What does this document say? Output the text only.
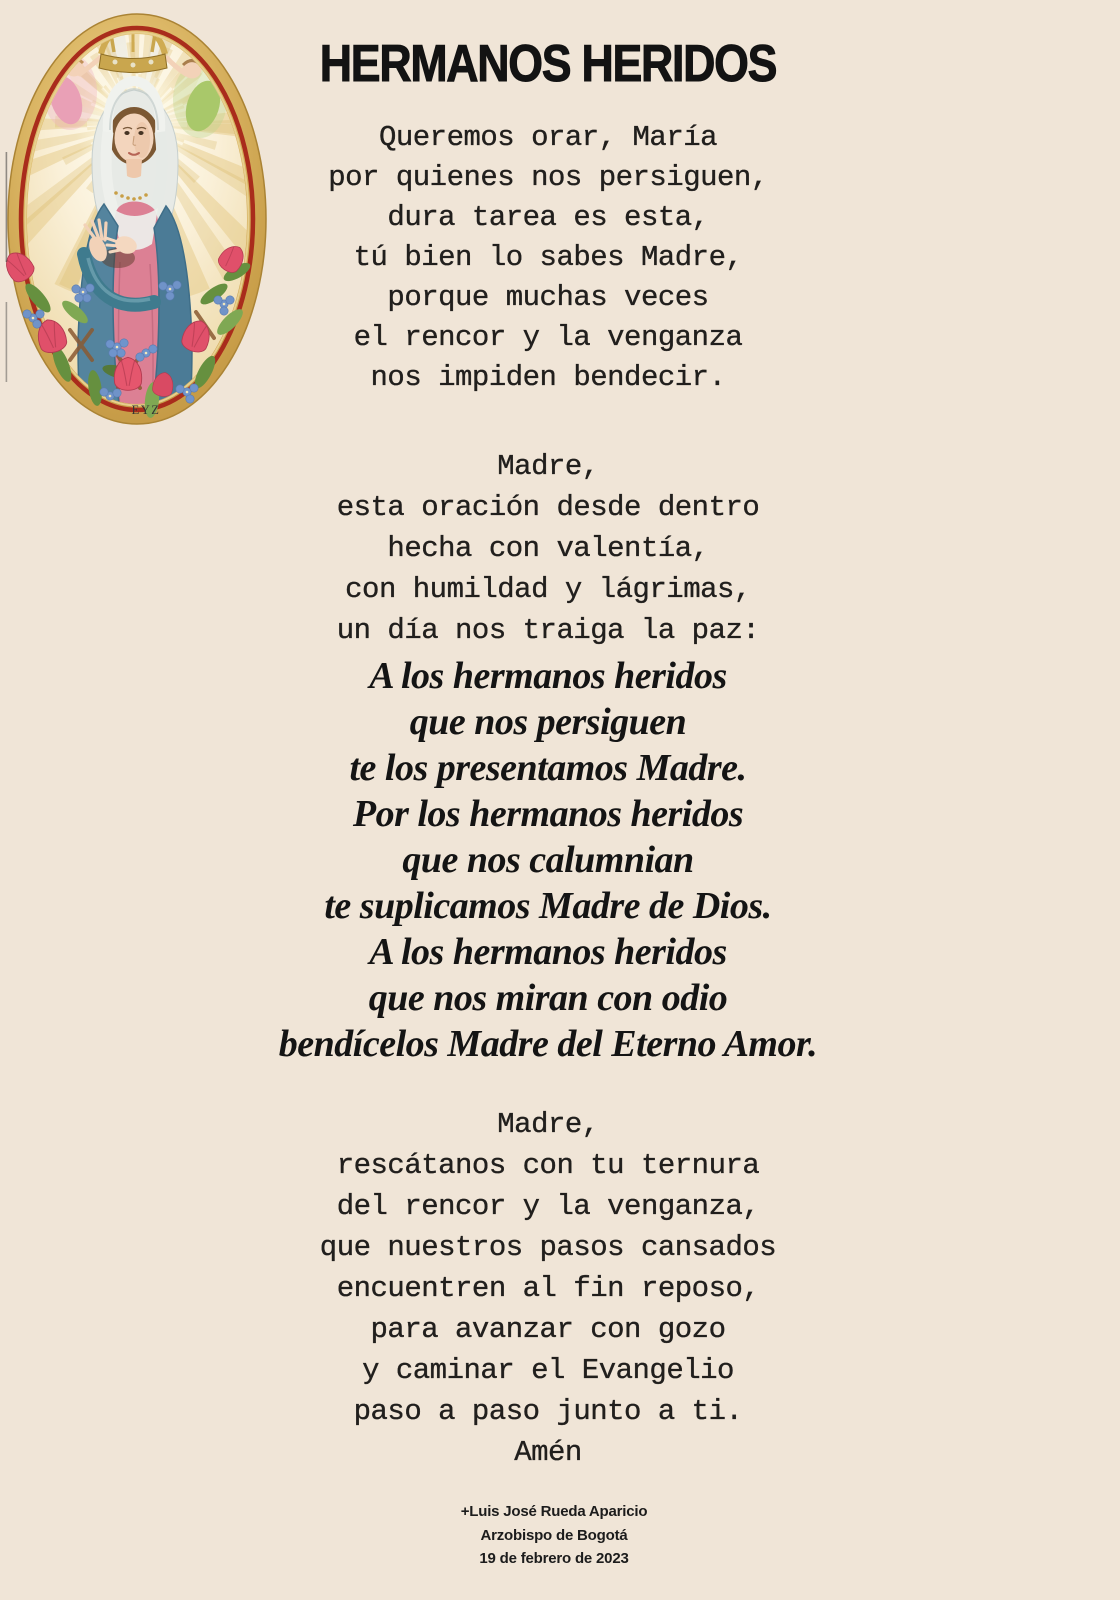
EYZ
HERMANOS HERIDOS
Queremos orar, María
por quienes nos persiguen,
dura tarea es esta,
tú bien lo sabes Madre,
porque muchas veces
el rencor y la venganza
nos impiden bendecir.
Madre,
esta oración desde dentro
hecha con valentía,
con humildad y lágrimas,
un día nos traiga la paz:
A los hermanos heridos
que nos persiguen
te los presentamos Madre.
Por los hermanos heridos
que nos calumnian
te suplicamos Madre de Dios.
A los hermanos heridos
que nos miran con odio
bendícelos Madre del Eterno Amor.
Madre,
rescátanos con tu ternura
del rencor y la venganza,
que nuestros pasos cansados
encuentren al fin reposo,
para avanzar con gozo
y caminar el Evangelio
paso a paso junto a ti.
Amén
+Luis José Rueda Aparicio
Arzobispo de Bogotá
19 de febrero de 2023
